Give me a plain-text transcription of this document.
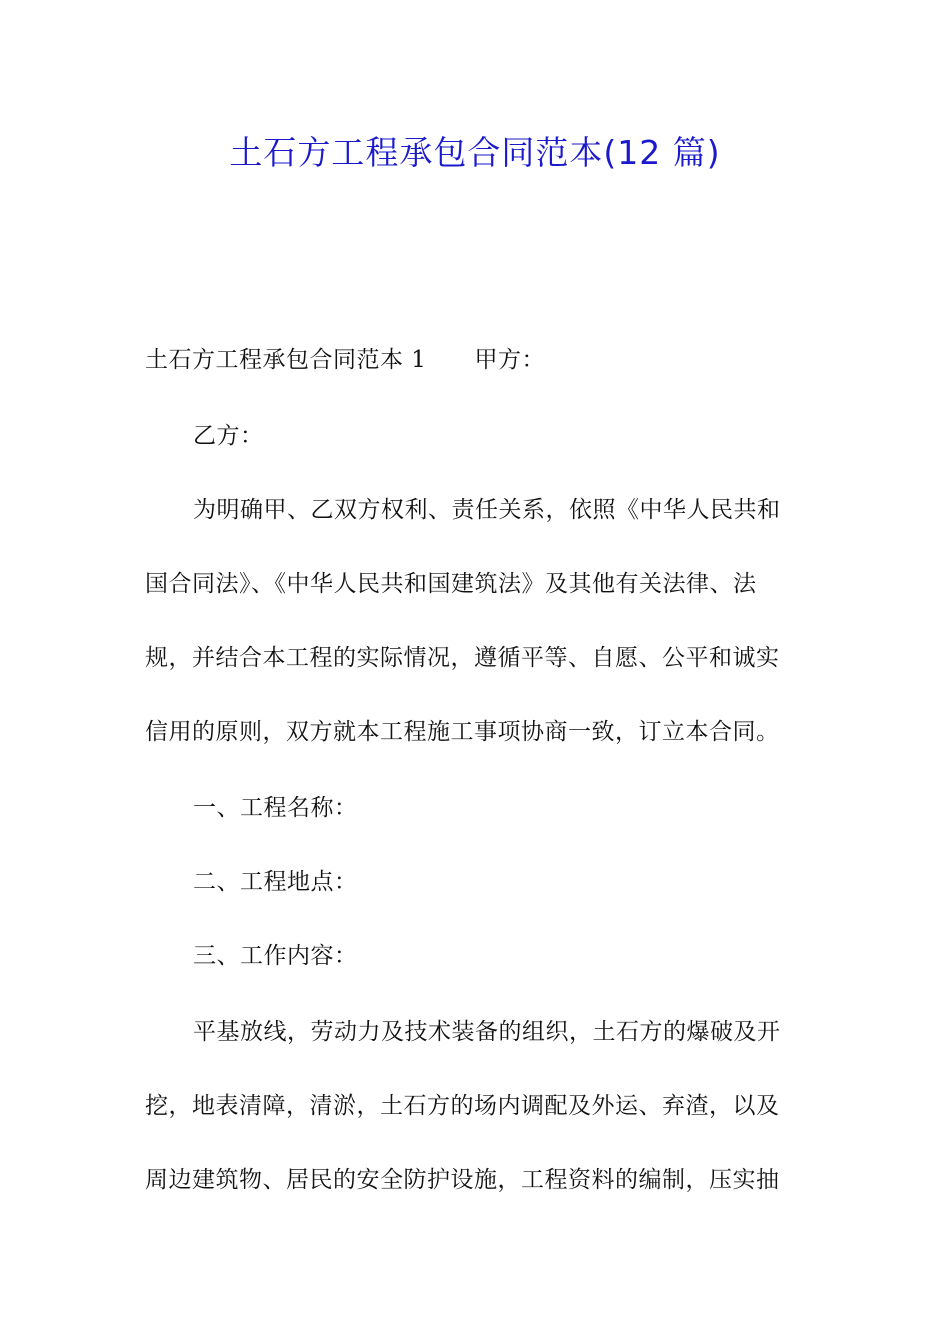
土石方工程承包合同范本(12 篇)
土石方工程承包合同范本 1 甲方：
乙方：
为明确甲、乙双方权利、责任关系，依照《中华人民共和
国合同法》、《中华人民共和国建筑法》及其他有关法律、法
规，并结合本工程的实际情况，遵循平等、自愿、公平和诚实
信用的原则，双方就本工程施工事项协商一致，订立本合同。
一、工程名称：
二、工程地点：
三、工作内容：
平基放线，劳动力及技术装备的组织，土石方的爆破及开
挖，地表清障，清淤，土石方的场内调配及外运、弃渣，以及
周边建筑物、居民的安全防护设施，工程资料的编制，压实抽
